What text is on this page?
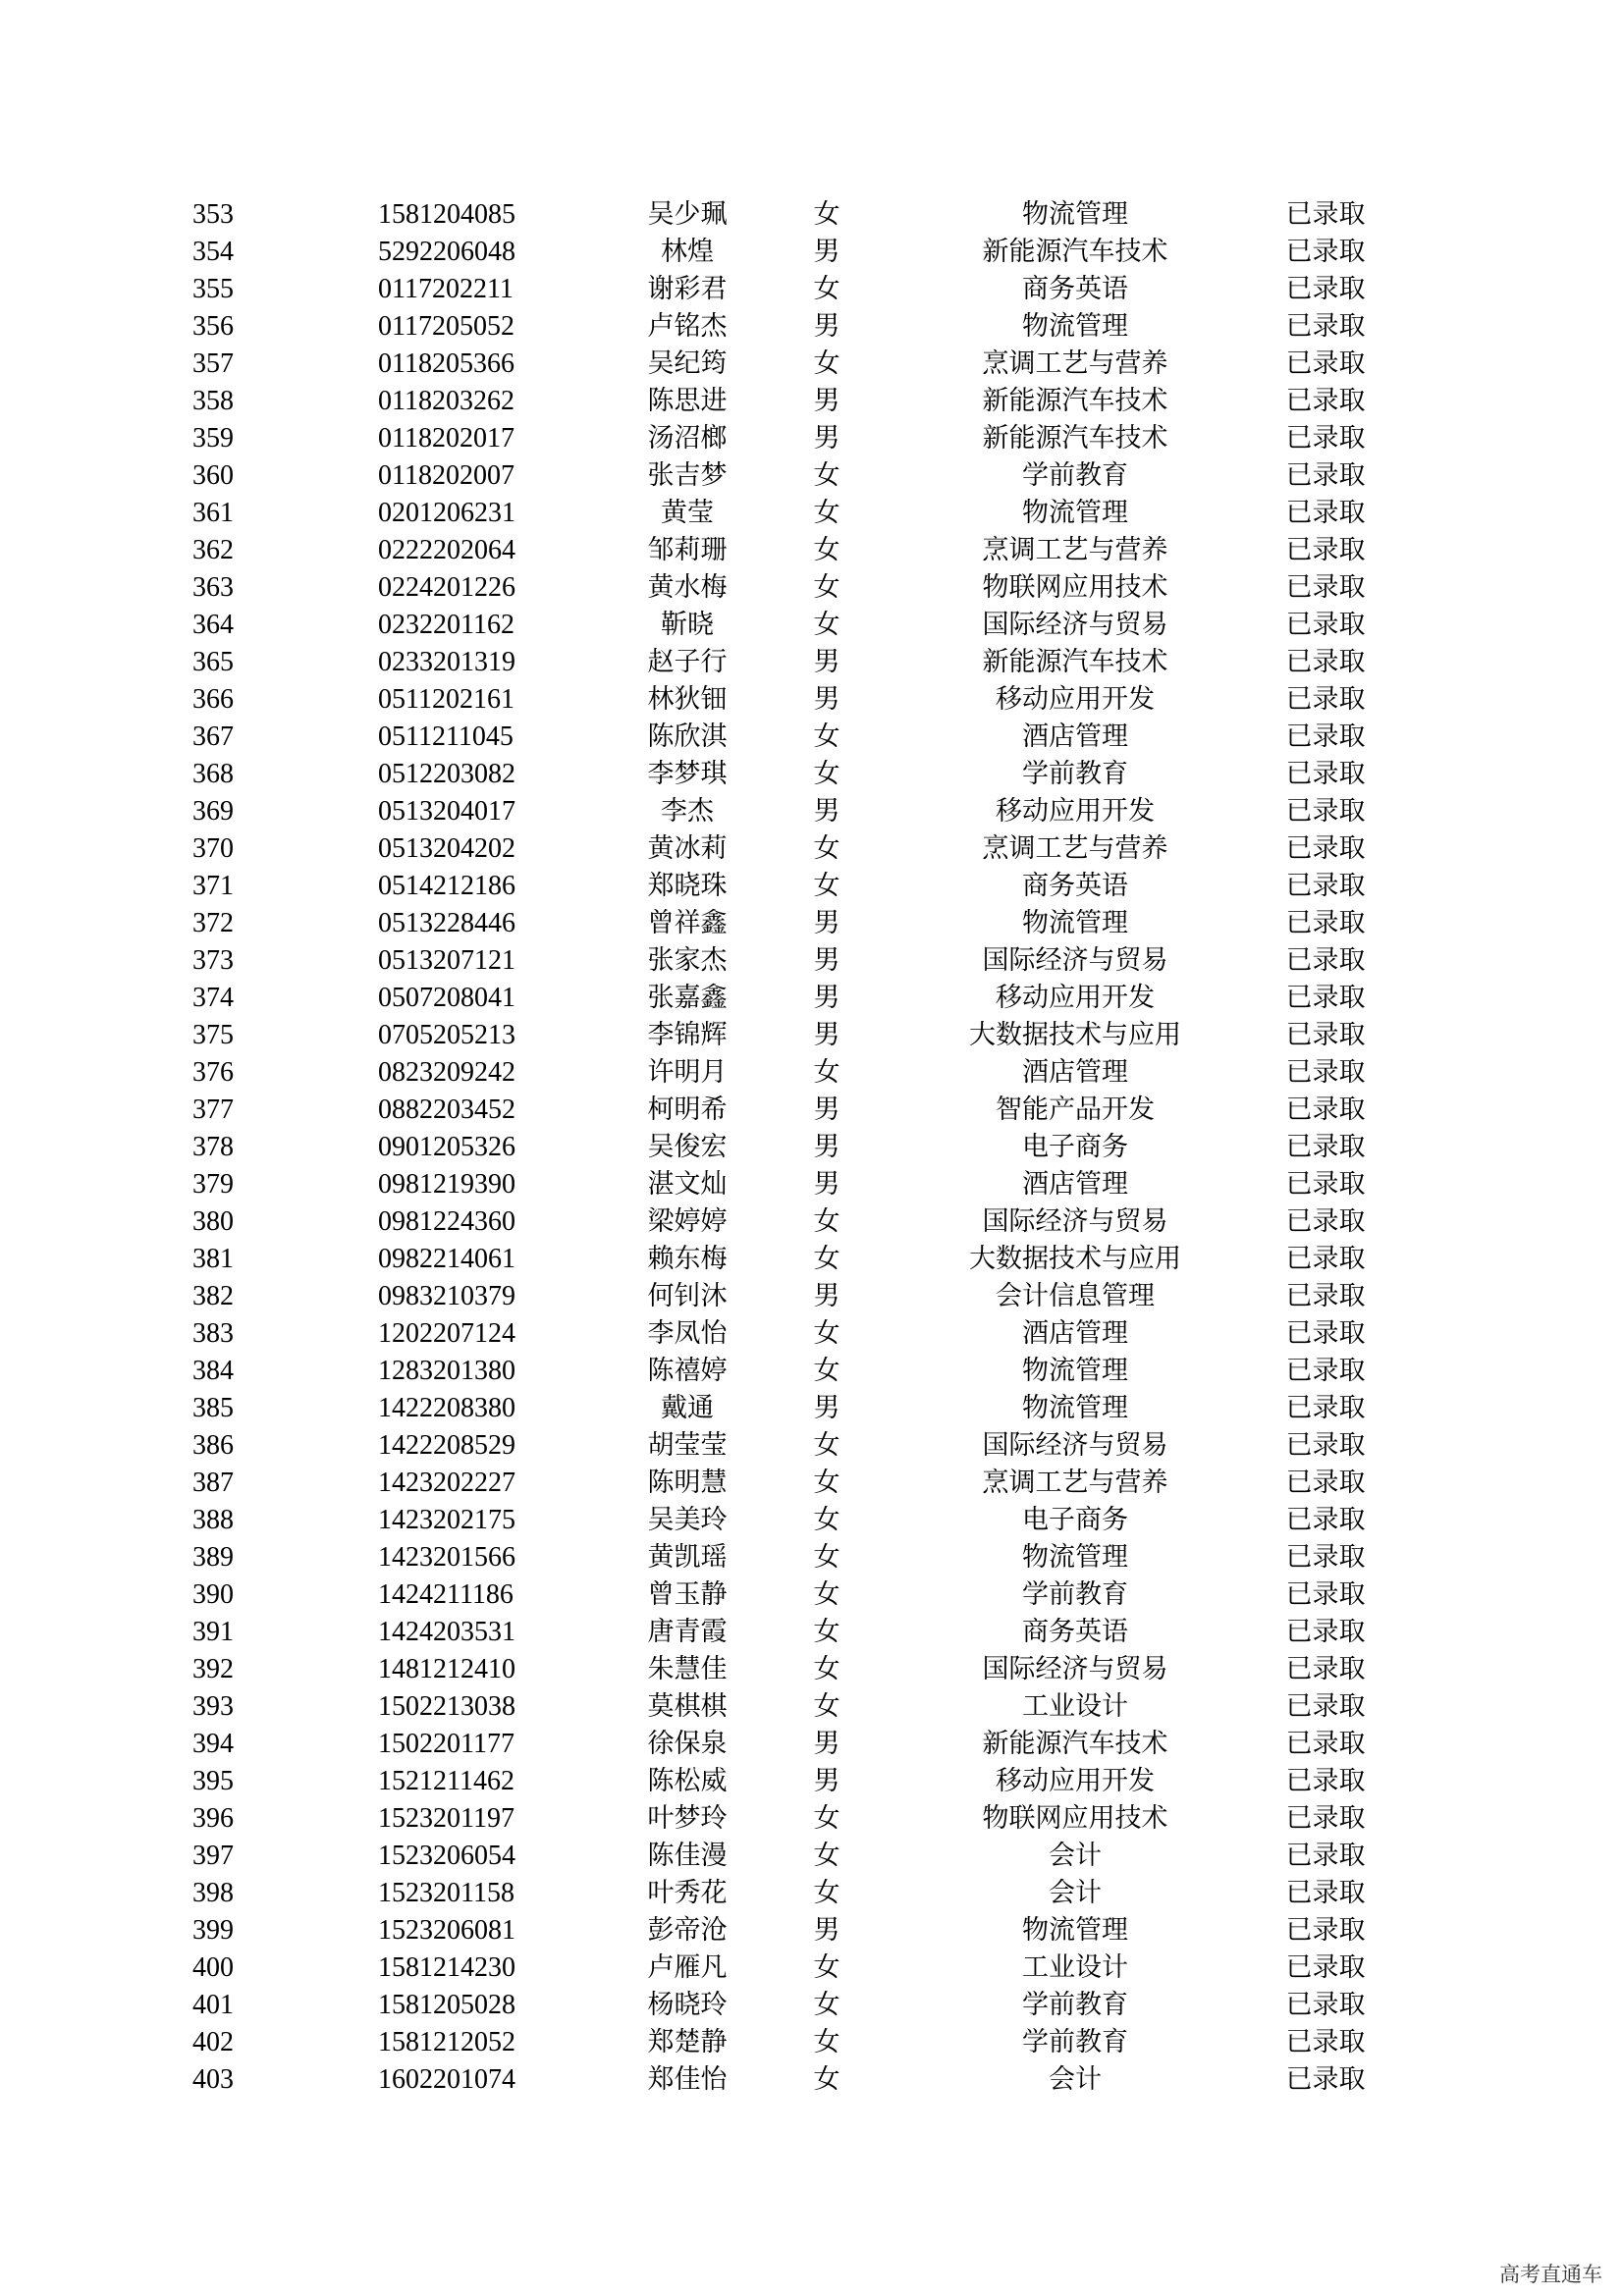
353	1581204085	吴少珮	女	物流管理	已录取
354	5292206048	林煌	男	新能源汽车技术	已录取
355	0117202211	谢彩君	女	商务英语	已录取
356	0117205052	卢铭杰	男	物流管理	已录取
357	0118205366	吴纪筠	女	烹调工艺与营养	已录取
358	0118203262	陈思进	男	新能源汽车技术	已录取
359	0118202017	汤沼榔	男	新能源汽车技术	已录取
360	0118202007	张吉梦	女	学前教育	已录取
361	0201206231	黄莹	女	物流管理	已录取
362	0222202064	邹莉珊	女	烹调工艺与营养	已录取
363	0224201226	黄水梅	女	物联网应用技术	已录取
364	0232201162	靳晓	女	国际经济与贸易	已录取
365	0233201319	赵子行	男	新能源汽车技术	已录取
366	0511202161	林狄钿	男	移动应用开发	已录取
367	0511211045	陈欣淇	女	酒店管理	已录取
368	0512203082	李梦琪	女	学前教育	已录取
369	0513204017	李杰	男	移动应用开发	已录取
370	0513204202	黄冰莉	女	烹调工艺与营养	已录取
371	0514212186	郑晓珠	女	商务英语	已录取
372	0513228446	曾祥鑫	男	物流管理	已录取
373	0513207121	张家杰	男	国际经济与贸易	已录取
374	0507208041	张嘉鑫	男	移动应用开发	已录取
375	0705205213	李锦辉	男	大数据技术与应用	已录取
376	0823209242	许明月	女	酒店管理	已录取
377	0882203452	柯明希	男	智能产品开发	已录取
378	0901205326	吴俊宏	男	电子商务	已录取
379	0981219390	湛文灿	男	酒店管理	已录取
380	0981224360	梁婷婷	女	国际经济与贸易	已录取
381	0982214061	赖东梅	女	大数据技术与应用	已录取
382	0983210379	何钊沐	男	会计信息管理	已录取
383	1202207124	李凤怡	女	酒店管理	已录取
384	1283201380	陈禧婷	女	物流管理	已录取
385	1422208380	戴通	男	物流管理	已录取
386	1422208529	胡莹莹	女	国际经济与贸易	已录取
387	1423202227	陈明慧	女	烹调工艺与营养	已录取
388	1423202175	吴美玲	女	电子商务	已录取
389	1423201566	黄凯瑶	女	物流管理	已录取
390	1424211186	曾玉静	女	学前教育	已录取
391	1424203531	唐青霞	女	商务英语	已录取
392	1481212410	朱慧佳	女	国际经济与贸易	已录取
393	1502213038	莫棋棋	女	工业设计	已录取
394	1502201177	徐保泉	男	新能源汽车技术	已录取
395	1521211462	陈松威	男	移动应用开发	已录取
396	1523201197	叶梦玲	女	物联网应用技术	已录取
397	1523206054	陈佳漫	女	会计	已录取
398	1523201158	叶秀花	女	会计	已录取
399	1523206081	彭帝沧	男	物流管理	已录取
400	1581214230	卢雁凡	女	工业设计	已录取
401	1581205028	杨晓玲	女	学前教育	已录取
402	1581212052	郑楚静	女	学前教育	已录取
403	1602201074	郑佳怡	女	会计	已录取
高考直通车
